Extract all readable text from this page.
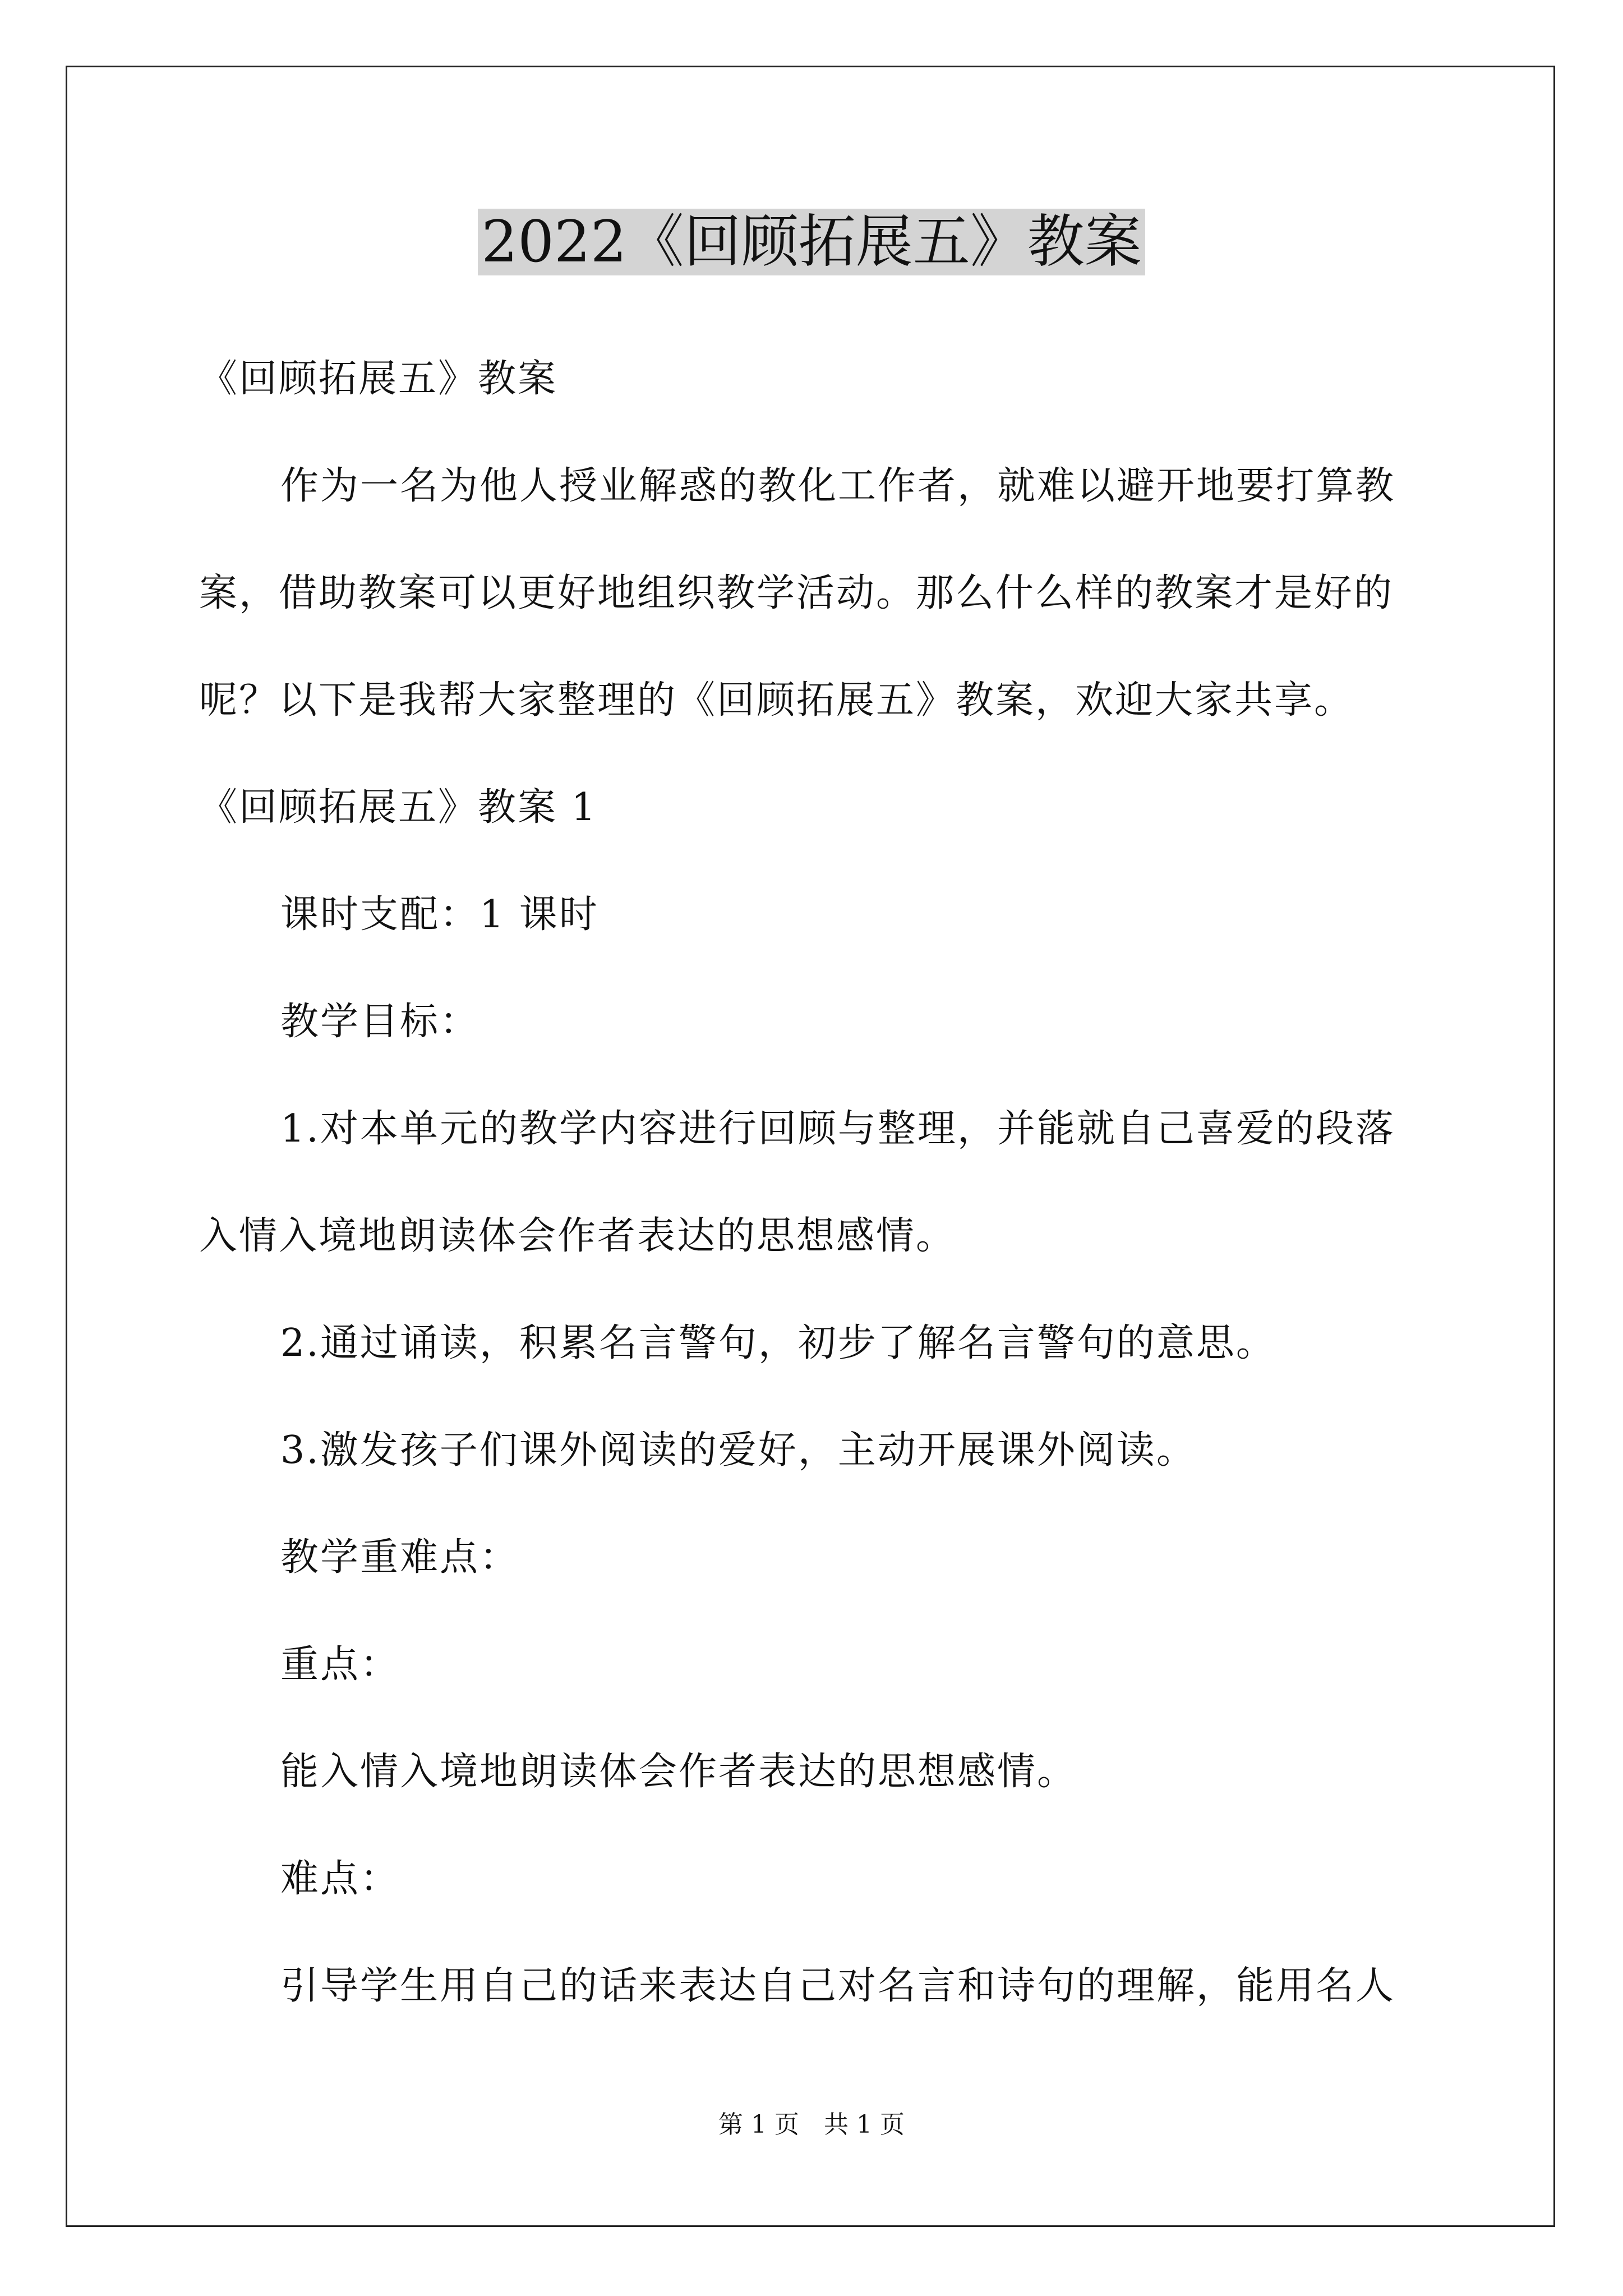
2022《回顾拓展五》教案
《回顾拓展五》教案
作为一名为他人授业解惑的教化工作者，就难以避开地要打算教
案，借助教案可以更好地组织教学活动。那么什么样的教案才是好的
呢？以下是我帮大家整理的《回顾拓展五》教案，欢迎大家共享。
《回顾拓展五》教案 1
课时支配：1 课时
教学目标：
1.对本单元的教学内容进行回顾与整理，并能就自己喜爱的段落
入情入境地朗读体会作者表达的思想感情。
2.通过诵读，积累名言警句，初步了解名言警句的意思。
3.激发孩子们课外阅读的爱好，主动开展课外阅读。
教学重难点：
重点：
能入情入境地朗读体会作者表达的思想感情。
难点：
引导学生用自己的话来表达自己对名言和诗句的理解，能用名人
第 1 页　共 1 页
